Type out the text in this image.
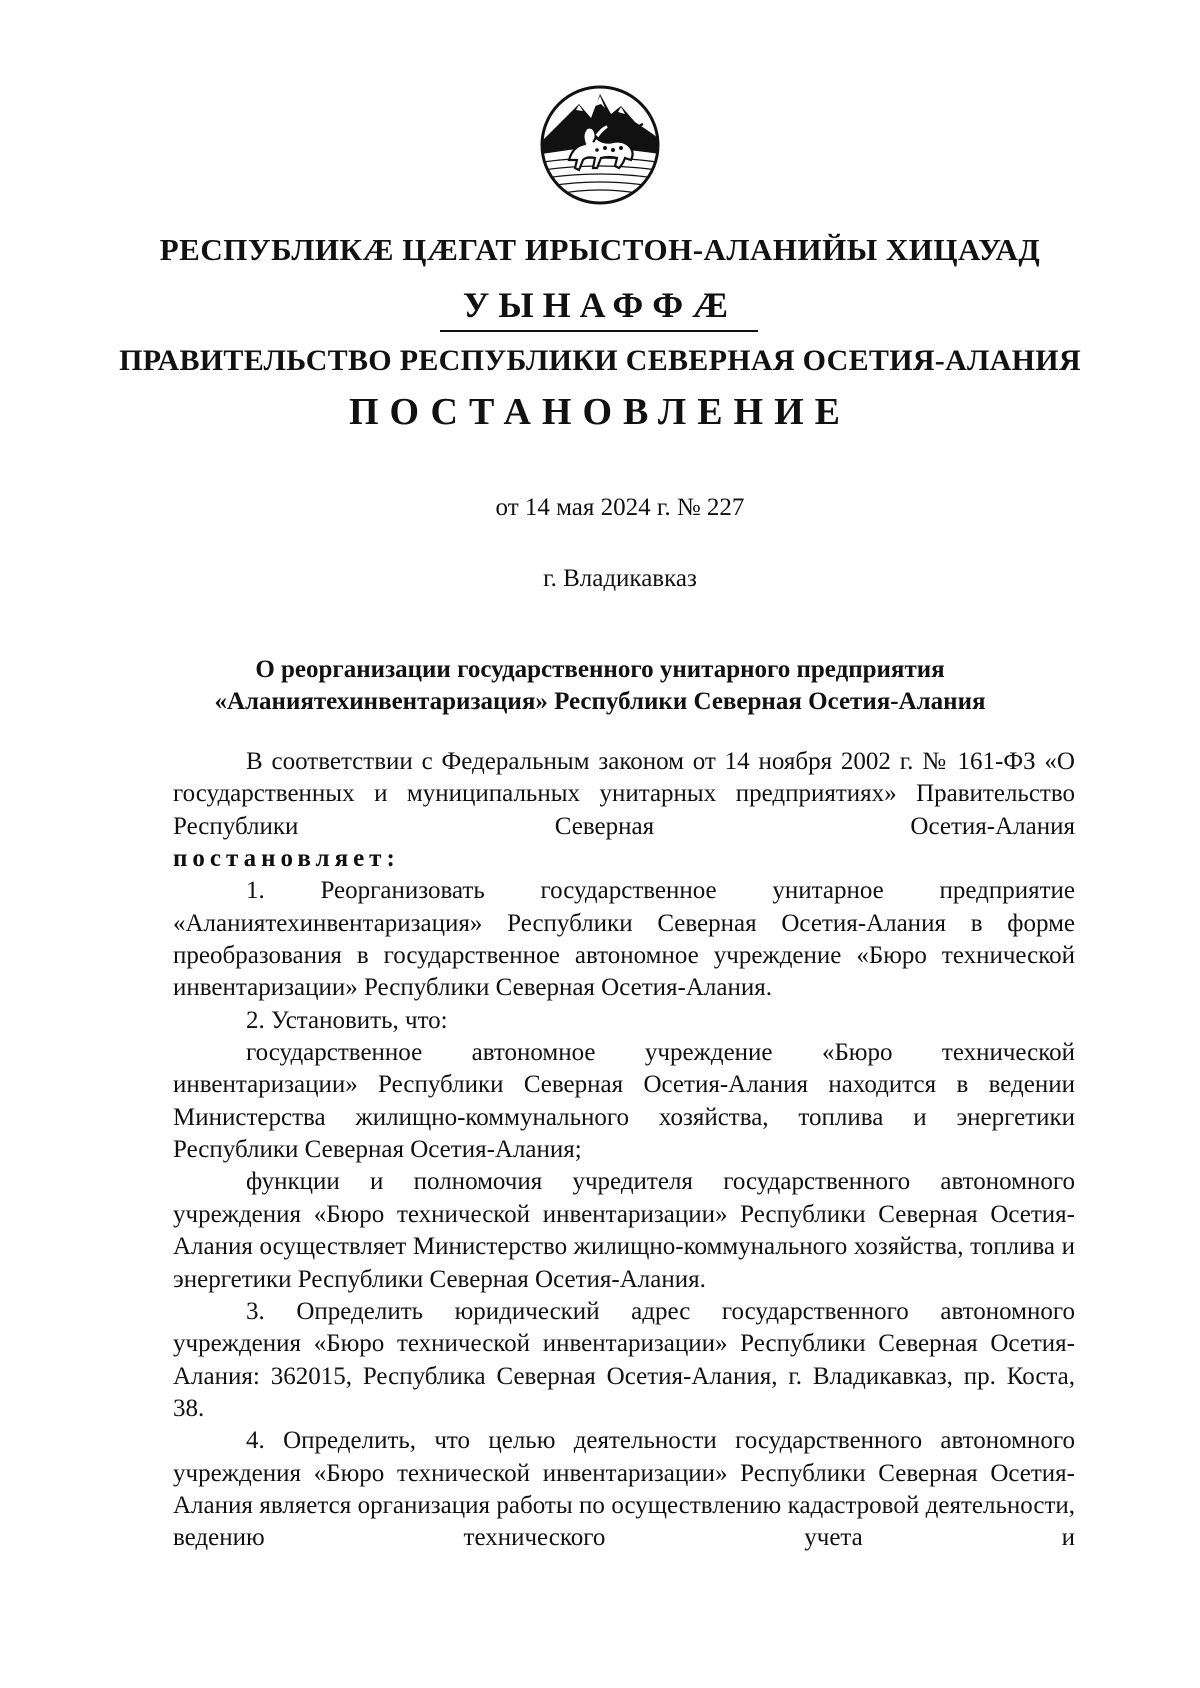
РЕСПУБЛИКӔ ЦӔГАТ ИРЫСТОН-АЛАНИЙЫ ХИЦАУАД
УЫНАФФӔ
ПРАВИТЕЛЬСТВО РЕСПУБЛИКИ СЕВЕРНАЯ ОСЕТИЯ-АЛАНИЯ
ПОСТАНОВЛЕНИЕ
от 14 мая 2024 г. № 227
г. Владикавказ
О реорганизации государственного унитарного предприятия
«Аланиятехинвентаризация» Республики Северная Осетия-Алания

В соответствии с Федеральным законом от 14 ноября 2002 г. № 161-ФЗ «О государственных и муниципальных унитарных предприятиях» Правительство Республики Северная Осетия-Алания

постановляет:

1. Реорганизовать государственное унитарное предприятие «Аланиятехинвентаризация» Республики Северная Осетия-Алания в форме преобразования в государственное автономное учреждение «Бюро технической инвентаризации» Республики Северная Осетия-Алания.

2. Установить, что:

государственное автономное учреждение «Бюро технической инвентаризации» Республики Северная Осетия-Алания находится в ведении Министерства жилищно-коммунального хозяйства, топлива и энергетики Республики Северная Осетия-Алания;

функции и полномочия учредителя государственного автономного учреждения «Бюро технической инвентаризации» Республики Северная Осетия-Алания осуществляет Министерство жилищно-коммунального хозяйства, топлива и энергетики Республики Северная Осетия-Алания.

3. Определить юридический адрес государственного автономного учреждения «Бюро технической инвентаризации» Республики Северная Осетия-Алания: 362015, Республика Северная Осетия-Алания, г. Владикавказ, пр. Коста, 38.

4. Определить, что целью деятельности государственного автономного учреждения «Бюро технической инвентаризации» Республики Северная Осетия-Алания является организация работы по осуществлению кадастровой деятельности, ведению технического учета и
